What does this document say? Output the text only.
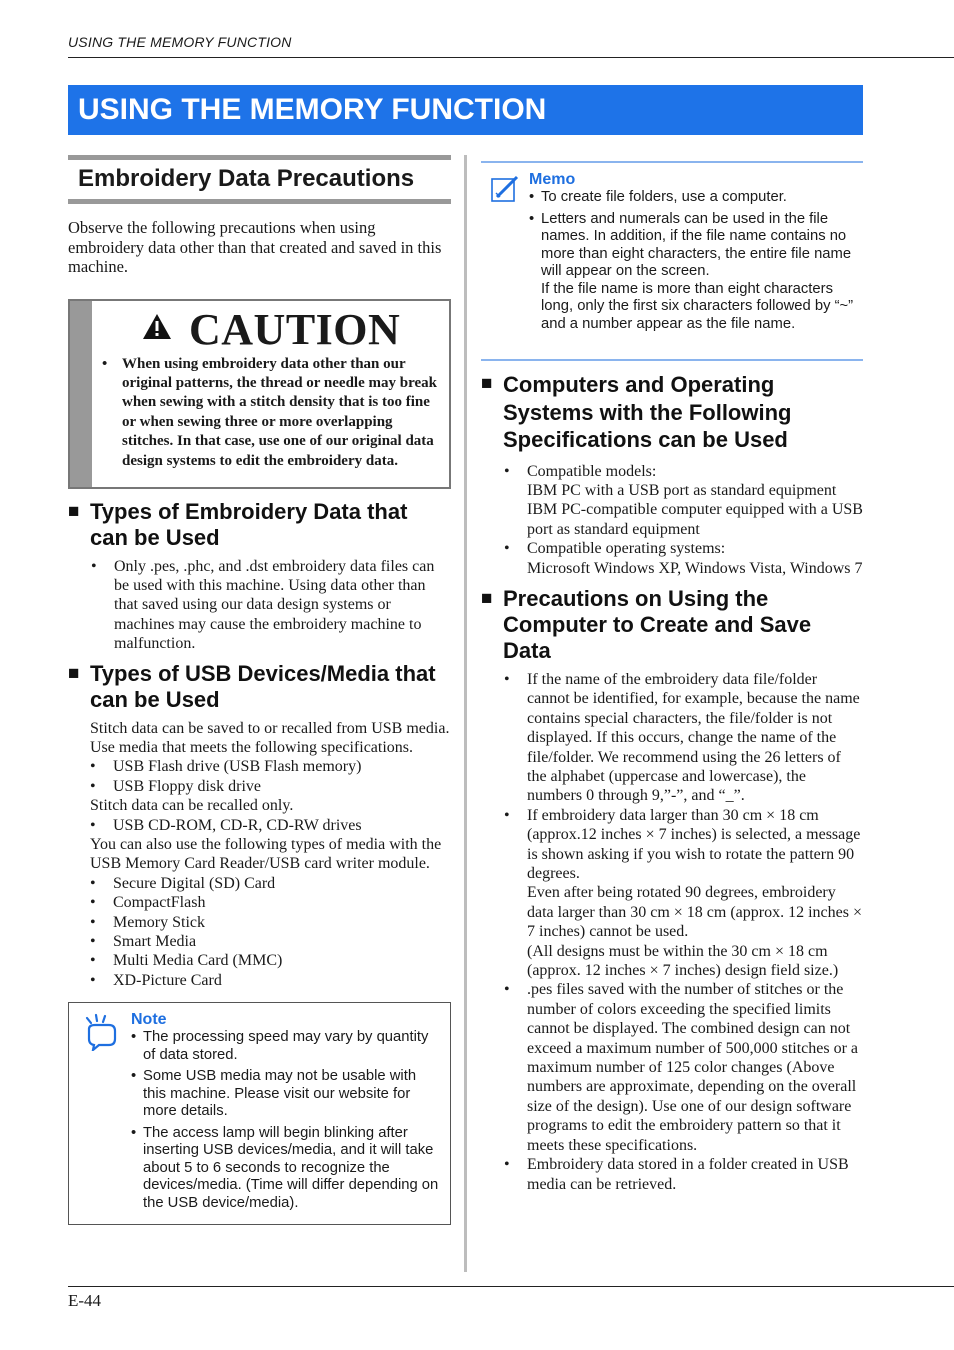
USING THE MEMORY FUNCTION
USING THE MEMORY FUNCTION
Embroidery Data Precautions
Observe the following precautions when using embroidery data other than that created and saved in this machine.
CAUTION
• When using embroidery data other than our original patterns, the thread or needle may break when sewing with a stitch density that is too fine or when sewing three or more overlapping stitches. In that case, use one of our original data design systems to edit the embroidery data.
■ Types of Embroidery Data that can be Used
•	Only .pes, .phc, and .dst embroidery data files can be used with this machine. Using data other than that saved using our data design systems or machines may cause the embroidery machine to malfunction.
■ Types of USB Devices/Media that can be Used
Stitch data can be saved to or recalled from USB media. Use media that meets the following specifications.
•	USB Flash drive (USB Flash memory)
•	USB Floppy disk drive
Stitch data can be recalled only.
•	USB CD-ROM, CD-R, CD-RW drives
You can also use the following types of media with the USB Memory Card Reader/USB card writer module.
•	Secure Digital (SD) Card
•	CompactFlash
•	Memory Stick
•	Smart Media
•	Multi Media Card (MMC)
•	XD-Picture Card
Note
• The processing speed may vary by quantity of data stored.
• Some USB media may not be usable with this machine. Please visit our website for more details.
• The access lamp will begin blinking after inserting USB devices/media, and it will take about 5 to 6 seconds to recognize the devices/media. (Time will differ depending on the USB device/media).
Memo
• To create file folders, use a computer.
• Letters and numerals can be used in the file names. In addition, if the file name contains no more than eight characters, the entire file name will appear on the screen.
If the file name is more than eight characters long, only the first six characters followed by “~” and a number appear as the file name.
■ Computers and Operating Systems with the Following Specifications can be Used
•	Compatible models:
IBM PC with a USB port as standard equipment
IBM PC-compatible computer equipped with a USB port as standard equipment
•	Compatible operating systems:
Microsoft Windows XP, Windows Vista, Windows 7
■ Precautions on Using the Computer to Create and Save Data
•	If the name of the embroidery data file/folder cannot be identified, for example, because the name contains special characters, the file/folder is not displayed. If this occurs, change the name of the file/folder. We recommend using the 26 letters of the alphabet (uppercase and lowercase), the numbers 0 through 9,”-”, and “_”.
•	If embroidery data larger than 30 cm × 18 cm (approx.12 inches × 7 inches) is selected, a message is shown asking if you wish to rotate the pattern 90 degrees.
Even after being rotated 90 degrees, embroidery data larger than 30 cm × 18 cm (approx. 12 inches × 7 inches) cannot be used.
(All designs must be within the 30 cm × 18 cm (approx. 12 inches × 7 inches) design field size.)
•	.pes files saved with the number of stitches or the number of colors exceeding the specified limits cannot be displayed. The combined design can not exceed a maximum number of 500,000 stitches or a maximum number of 125 color changes (Above numbers are approximate, depending on the overall size of the design). Use one of our design software programs to edit the embroidery pattern so that it meets these specifications.
•	Embroidery data stored in a folder created in USB media can be retrieved.
E-44
